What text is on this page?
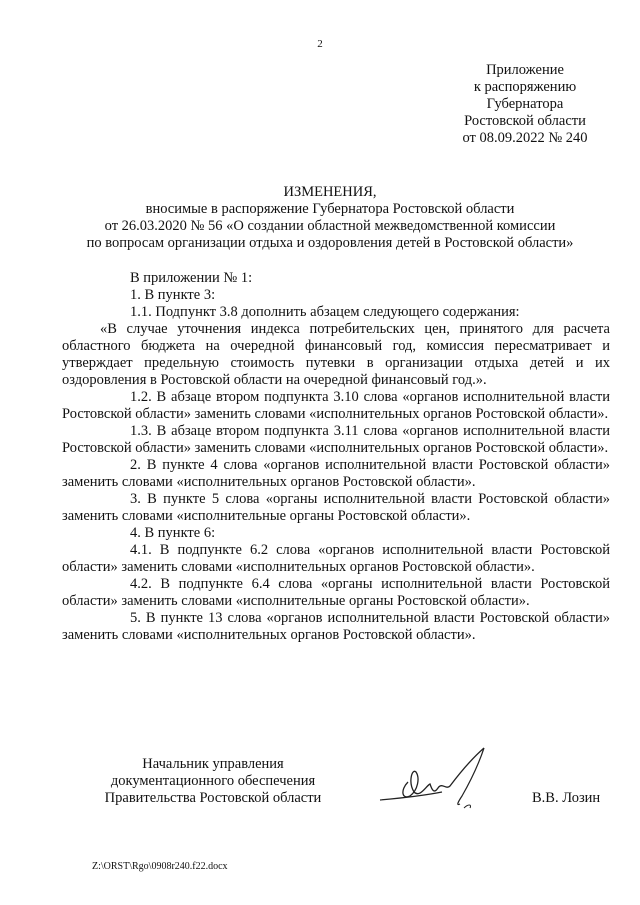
2
Приложение
к распоряжению
Губернатора
Ростовской области
от 08.09.2022 № 240
ИЗМЕНЕНИЯ,
вносимые в распоряжение Губернатора Ростовской области
от 26.03.2020 № 56 «О создании областной межведомственной комиссии
по вопросам организации отдыха и оздоровления детей в Ростовской области»

В приложении № 1:

1. В пункте 3:

1.1. Подпункт 3.8 дополнить абзацем следующего содержания:

«В случае уточнения индекса потребительских цен, принятого для расчета областного бюджета на очередной финансовый год, комиссия пересматривает и утверждает предельную стоимость путевки в организации отдыха детей и их оздоровления в Ростовской области на очередной финансовый год.».

1.2. В абзаце втором подпункта 3.10 слова «органов исполнительной власти Ростовской области» заменить словами «исполнительных органов Ростовской области».

1.3. В абзаце втором подпункта 3.11 слова «органов исполнительной власти Ростовской области» заменить словами «исполнительных органов Ростовской области».

2. В пункте 4 слова «органов исполнительной власти Ростовской области» заменить словами «исполнительных органов Ростовской области».

3. В пункте 5 слова «органы исполнительной власти Ростовской области» заменить словами «исполнительные органы Ростовской области».

4. В пункте 6:

4.1. В подпункте 6.2 слова «органов исполнительной власти Ростовской области» заменить словами «исполнительных органов Ростовской области».

4.2. В подпункте 6.4 слова «органы исполнительной власти Ростовской области» заменить словами «исполнительные органы Ростовской области».

5. В пункте 13 слова «органов исполнительной власти Ростовской области» заменить словами «исполнительных органов Ростовской области».

Начальник управления
документационного обеспечения
Правительства Ростовской области	В.В. Лозин
Z:\ORST\Rgo\0908r240.f22.docx
